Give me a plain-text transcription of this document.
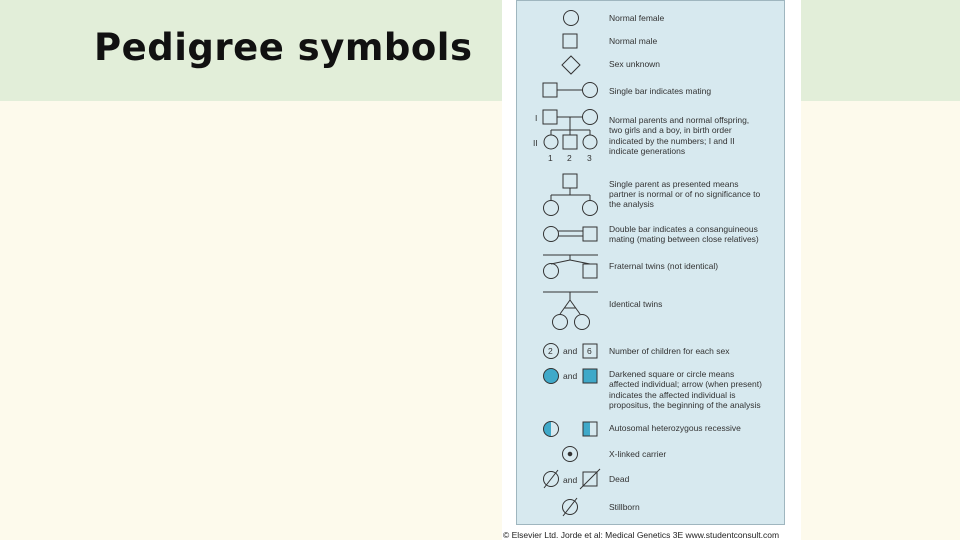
Pedigree symbols
I
II
1 2 3
2	6
and
and
and
Normal female
Normal male
Sex unknown
Single bar indicates mating
Normal parents and normal offspring,
two girls and a boy, in birth order
indicated by the numbers; I and II
indicate generations
Single parent as presented means
partner is normal or of no significance to
the analysis
Double bar indicates a consanguineous
mating (mating between close relatives)
Fraternal twins (not identical)
Identical twins
Number of children for each sex
Darkened square or circle means
affected individual; arrow (when present)
indicates the affected individual is
propositus, the beginning of the analysis
Autosomal heterozygous recessive
X-linked carrier
Dead
Stillborn
© Elsevier Ltd. Jorde et al: Medical Genetics 3E www.studentconsult.com
